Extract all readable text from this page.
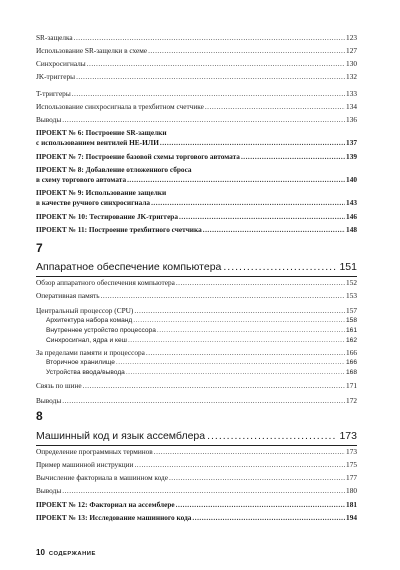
SR-защелка .....	123
Использование SR-защелки в схеме .....	127
Синхросигналы .....	130
JK-триггеры .....	132
T-триггеры .....	133
Использование синхросигнала в трехбитном счетчике .....	134
Выводы .....	136
ПРОЕКТ № 6: Построение SR-защелки
с использованием вентилей НЕ-ИЛИ .....	137
ПРОЕКТ № 7: Построение базовой схемы торгового автомата .....	139
ПРОЕКТ № 8: Добавление отложенного сброса
в схему торгового автомата .....	140
ПРОЕКТ № 9: Использование защелки
в качестве ручного синхросигнала .....	143
ПРОЕКТ № 10: Тестирование JK-триггера .....	146
ПРОЕКТ № 11: Построение трехбитного счетчика .....	148
7
Аппаратное обеспечение компьютера .....	151
Обзор аппаратного обеспечения компьютера .....	152
Оперативная память .....	153
Центральный процессор (CPU) .....	157
Архитектура набора команд .....	158
Внутреннее устройство процессора .....	161
Синхросигнал, ядра и кеш .....	162
За пределами памяти и процессора .....	166
Вторичное хранилище .....	166
Устройства ввода/вывода .....	168
Связь по шине .....	171
Выводы .....	172
8
Машинный код и язык ассемблера .....	173
Определение программных терминов .....	173
Пример машинной инструкции .....	175
Вычисление факториала в машинном коде .....	177
Выводы .....	180
ПРОЕКТ № 12: Факториал на ассемблере .....	181
ПРОЕКТ № 13: Исследование машинного кода .....	194
10 СОДЕРЖАНИЕ
